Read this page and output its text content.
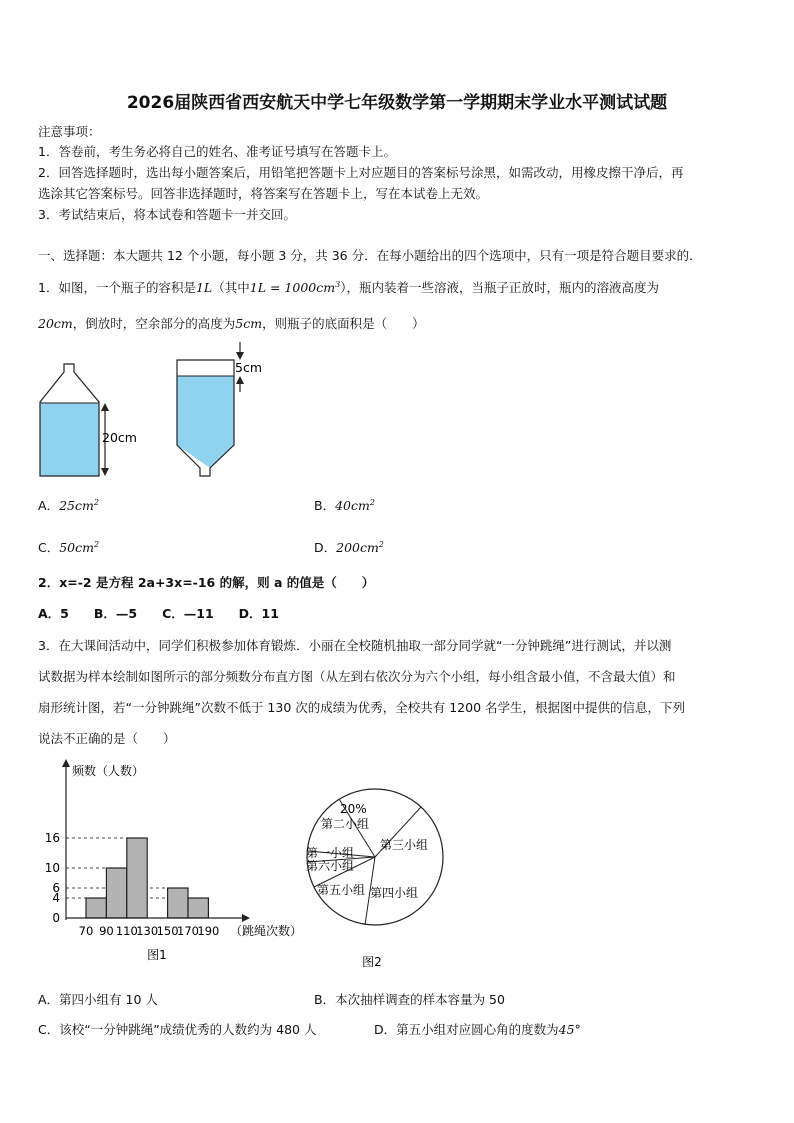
2026届陕西省西安航天中学七年级数学第一学期期末学业水平测试试题
注意事项：
1．答卷前，考生务必将自己的姓名、准考证号填写在答题卡上。
2．回答选择题时，选出每小题答案后，用铅笔把答题卡上对应题目的答案标号涂黑，如需改动，用橡皮擦干净后，再
选涂其它答案标号。回答非选择题时，将答案写在答题卡上，写在本试卷上无效。
3．考试结束后，将本试卷和答题卡一并交回。
一、选择题：本大题共 12 个小题，每小题 3 分，共 36 分．在每小题给出的四个选项中，只有一项是符合题目要求的．
1．如图，一个瓶子的容积是1L（其中$1L = 1000cm^3$），瓶内装着一些溶液，当瓶子正放时，瓶内的溶液高度为
20cm，倒放时，空余部分的高度为5cm，则瓶子的底面积是（　　）
20cm
5cm
A．$25cm^2$	B．$40cm^2$
C．$50cm^2$	D．$200cm^2$
2．x=-2 是方程 2a+3x=-16 的解，则 a 的值是（　　）
A．5　　B．—5　　C．—11　　D．11
3．在大课间活动中，同学们积极参加体育锻炼．小丽在全校随机抽取一部分同学就“一分钟跳绳”进行测试，并以测
试数据为样本绘制如图所示的部分频数分布直方图（从左到右依次分为六个小组，每小组含最小值，不含最大值）和
扇形统计图，若“一分钟跳绳”次数不低于 130 次的成绩为优秀，全校共有 1200 名学生，根据图中提供的信息，下列
说法不正确的是（　　）
频数（人数）
（跳绳次数）
0
4
6
10
16
70 90 110
130
150
170
190
图1
20%
第二小组
第三小组
第一小组
第六小组
第五小组 第四小组
图2
A．第四小组有 10 人	B．本次抽样调查的样本容量为 50
C．该校“一分钟跳绳”成绩优秀的人数约为 480 人	D．第五小组对应圆心角的度数为45°
